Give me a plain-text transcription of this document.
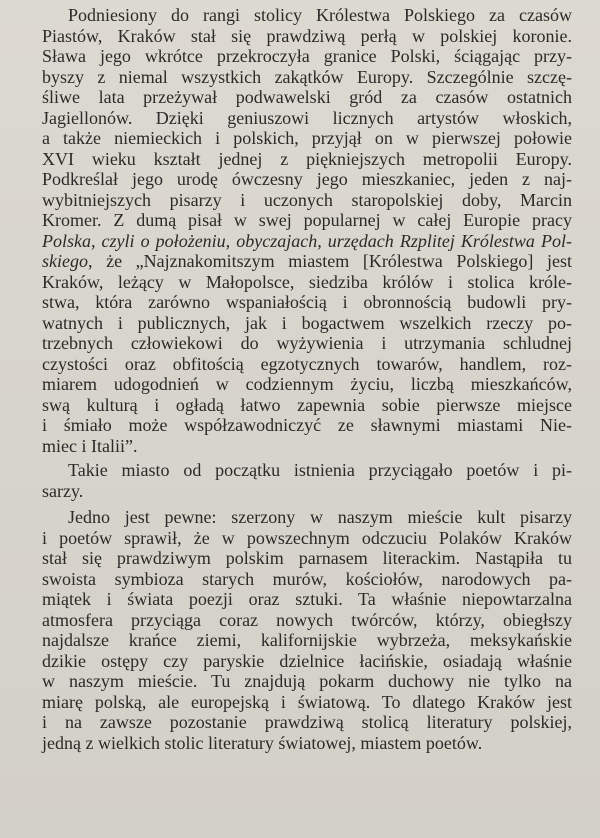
Podniesiony do rangi stolicy Królestwa Polskiego za czasów
Piastów, Kraków stał się prawdziwą perłą w polskiej koronie.
Sława jego wkrótce przekroczyła granice Polski, ściągając przy-
byszy z niemal wszystkich zakątków Europy. Szczególnie szczę-
śliwe lata przeżywał podwawelski gród za czasów ostatnich
Jagiellonów. Dzięki geniuszowi licznych artystów włoskich,
a także niemieckich i polskich, przyjął on w pierwszej połowie
XVI wieku kształt jednej z piękniejszych metropolii Europy.
Podkreślał jego urodę ówczesny jego mieszkaniec, jeden z naj-
wybitniejszych pisarzy i uczonych staropolskiej doby, Marcin
Kromer. Z dumą pisał w swej popularnej w całej Europie pracy
Polska, czyli o położeniu, obyczajach, urzędach Rzplitej Królestwa Pol-
skiego, że „Najznakomitszym miastem [Królestwa Polskiego] jest
Kraków, leżący w Małopolsce, siedziba królów i stolica króle-
stwa, która zarówno wspaniałością i obronnością budowli pry-
watnych i publicznych, jak i bogactwem wszelkich rzeczy po-
trzebnych człowiekowi do wyżywienia i utrzymania schludnej
czystości oraz obfitością egzotycznych towarów, handlem, roz-
miarem udogodnień w codziennym życiu, liczbą mieszkańców,
swą kulturą i ogładą łatwo zapewnia sobie pierwsze miejsce
i śmiało może współzawodniczyć ze sławnymi miastami Nie-
miec i Italii”.

Takie miasto od początku istnienia przyciągało poetów i pi-
sarzy.

Jedno jest pewne: szerzony w naszym mieście kult pisarzy
i poetów sprawił, że w powszechnym odczuciu Polaków Kraków
stał się prawdziwym polskim parnasem literackim. Nastąpiła tu
swoista symbioza starych murów, kościołów, narodowych pa-
miątek i świata poezji oraz sztuki. Ta właśnie niepowtarzalna
atmosfera przyciąga coraz nowych twórców, którzy, obiegłszy
najdalsze krańce ziemi, kalifornijskie wybrzeża, meksykańskie
dzikie ostępy czy paryskie dzielnice łacińskie, osiadają właśnie
w naszym mieście. Tu znajdują pokarm duchowy nie tylko na
miarę polską, ale europejską i światową. To dlatego Kraków jest
i na zawsze pozostanie prawdziwą stolicą literatury polskiej,
jedną z wielkich stolic literatury światowej, miastem poetów.
